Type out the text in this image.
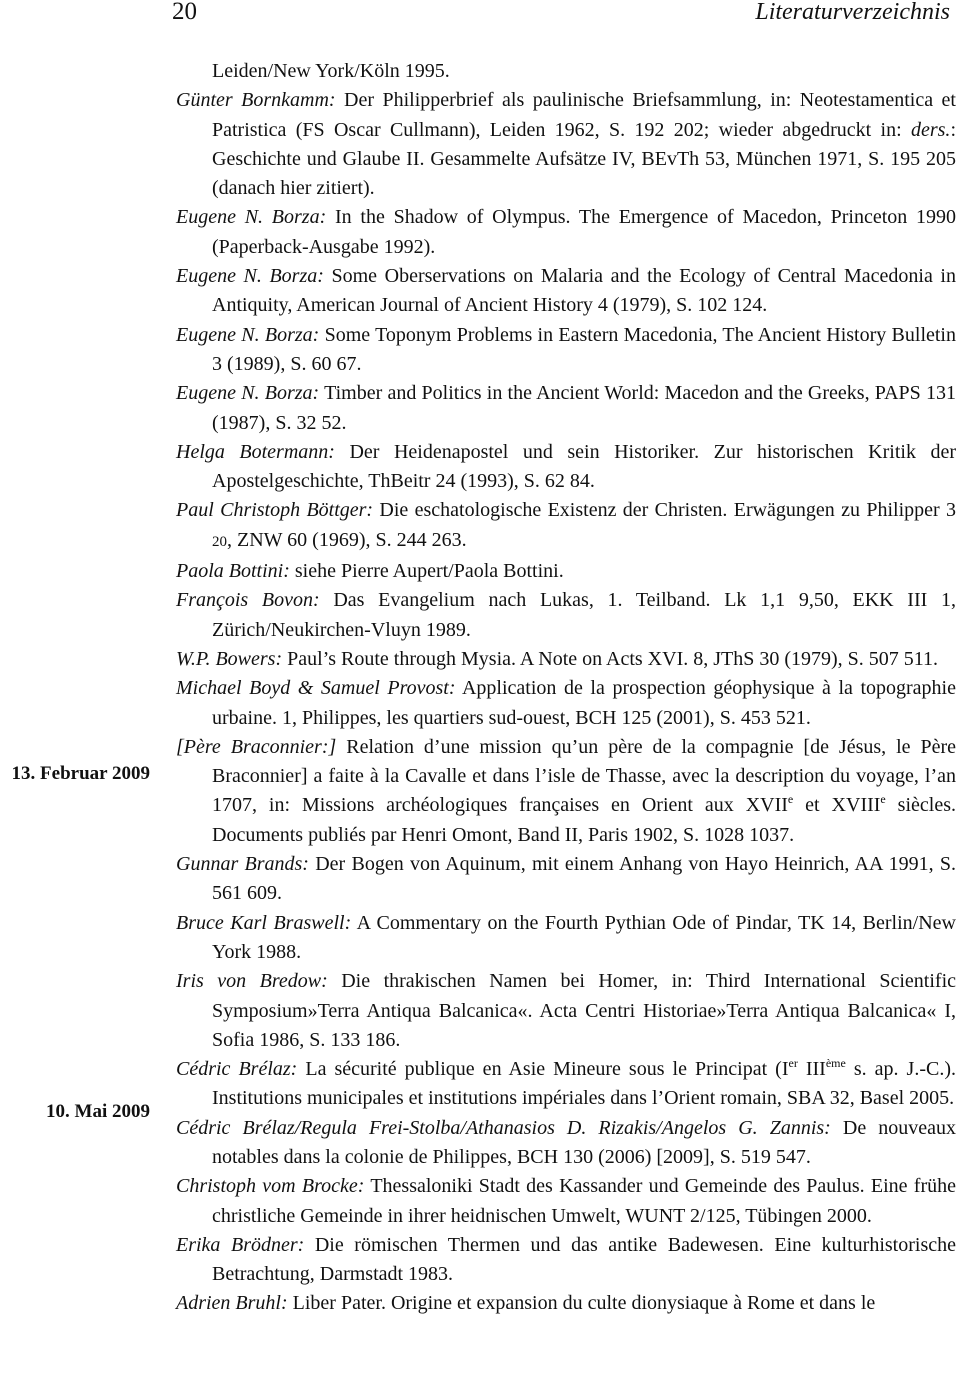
20	Literaturverzeichnis
13. Februar 2009
10. Mai 2009

Leiden/New York/Köln 1995.

Günter Bornkamm: Der Philipperbrief als paulinische Briefsammlung, in: Neotestamentica et Patristica (FS Oscar Cullmann), Leiden 1962, S. 192 202; wieder abgedruckt in: ders.: Geschichte und Glaube II. Gesammelte Aufsätze IV, BEvTh 53, München 1971, S. 195 205 (danach hier zitiert).

Eugene N. Borza: In the Shadow of Olympus. The Emergence of Macedon, Princeton 1990 (Paperback-Ausgabe 1992).

Eugene N. Borza: Some Oberservations on Malaria and the Ecology of Central Macedonia in Antiquity, American Journal of Ancient History 4 (1979), S. 102 124.

Eugene N. Borza: Some Toponym Problems in Eastern Macedonia, The Ancient History Bulletin 3 (1989), S. 60 67.

Eugene N. Borza: Timber and Politics in the Ancient World: Macedon and the Greeks, PAPS 131 (1987), S. 32 52.

Helga Botermann: Der Heidenapostel und sein Historiker. Zur historischen Kritik der Apostelgeschichte, ThBeitr 24 (1993), S. 62 84.

Paul Christoph Böttger: Die eschatologische Existenz der Christen. Erwägungen zu Philipper 3 20, ZNW 60 (1969), S. 244 263.

Paola Bottini: siehe Pierre Aupert/Paola Bottini.

François Bovon: Das Evangelium nach Lukas, 1. Teilband. Lk 1,1 9,50, EKK III 1, Zürich/Neukirchen-Vluyn 1989.

W.P. Bowers: Paul’s Route through Mysia. A Note on Acts XVI. 8, JThS 30 (1979), S. 507 511.

Michael Boyd & Samuel Provost: Application de la prospection géophysique à la topographie urbaine. 1, Philippes, les quartiers sud-ouest, BCH 125 (2001), S. 453 521.

[Père Braconnier:] Relation d’une mission qu’un père de la compagnie [de Jésus, le Père Braconnier] a faite à la Cavalle et dans l’isle de Thasse, avec la description du voyage, l’an 1707, in: Missions archéologiques françaises en Orient aux XVIIe et XVIIIe siècles. Documents publiés par Henri Omont, Band II, Paris 1902, S. 1028 1037.

Gunnar Brands: Der Bogen von Aquinum, mit einem Anhang von Hayo Heinrich, AA 1991, S. 561 609.

Bruce Karl Braswell: A Commentary on the Fourth Pythian Ode of Pindar, TK 14, Berlin/New York 1988.

Iris von Bredow: Die thrakischen Namen bei Homer, in: Third International Scientific Symposium»Terra Antiqua Balcanica«. Acta Centri Historiae»Terra Antiqua Balcanica« I, Sofia 1986, S. 133 186.

Cédric Brélaz: La sécurité publique en Asie Mineure sous le Principat (Ier IIIème s. ap. J.-C.). Institutions municipales et institutions impériales dans l’Orient romain, SBA 32, Basel 2005.

Cédric Brélaz/Regula Frei-Stolba/Athanasios D. Rizakis/Angelos G. Zannis: De nouveaux notables dans la colonie de Philippes, BCH 130 (2006) [2009], S. 519 547.

Christoph vom Brocke: Thessaloniki Stadt des Kassander und Gemeinde des Paulus. Eine frühe christliche Gemeinde in ihrer heidnischen Umwelt, WUNT 2/125, Tübingen 2000.

Erika Brödner: Die römischen Thermen und das antike Badewesen. Eine kulturhistorische Betrachtung, Darmstadt 1983.

Adrien Bruhl: Liber Pater. Origine et expansion du culte dionysiaque à Rome et dans le
